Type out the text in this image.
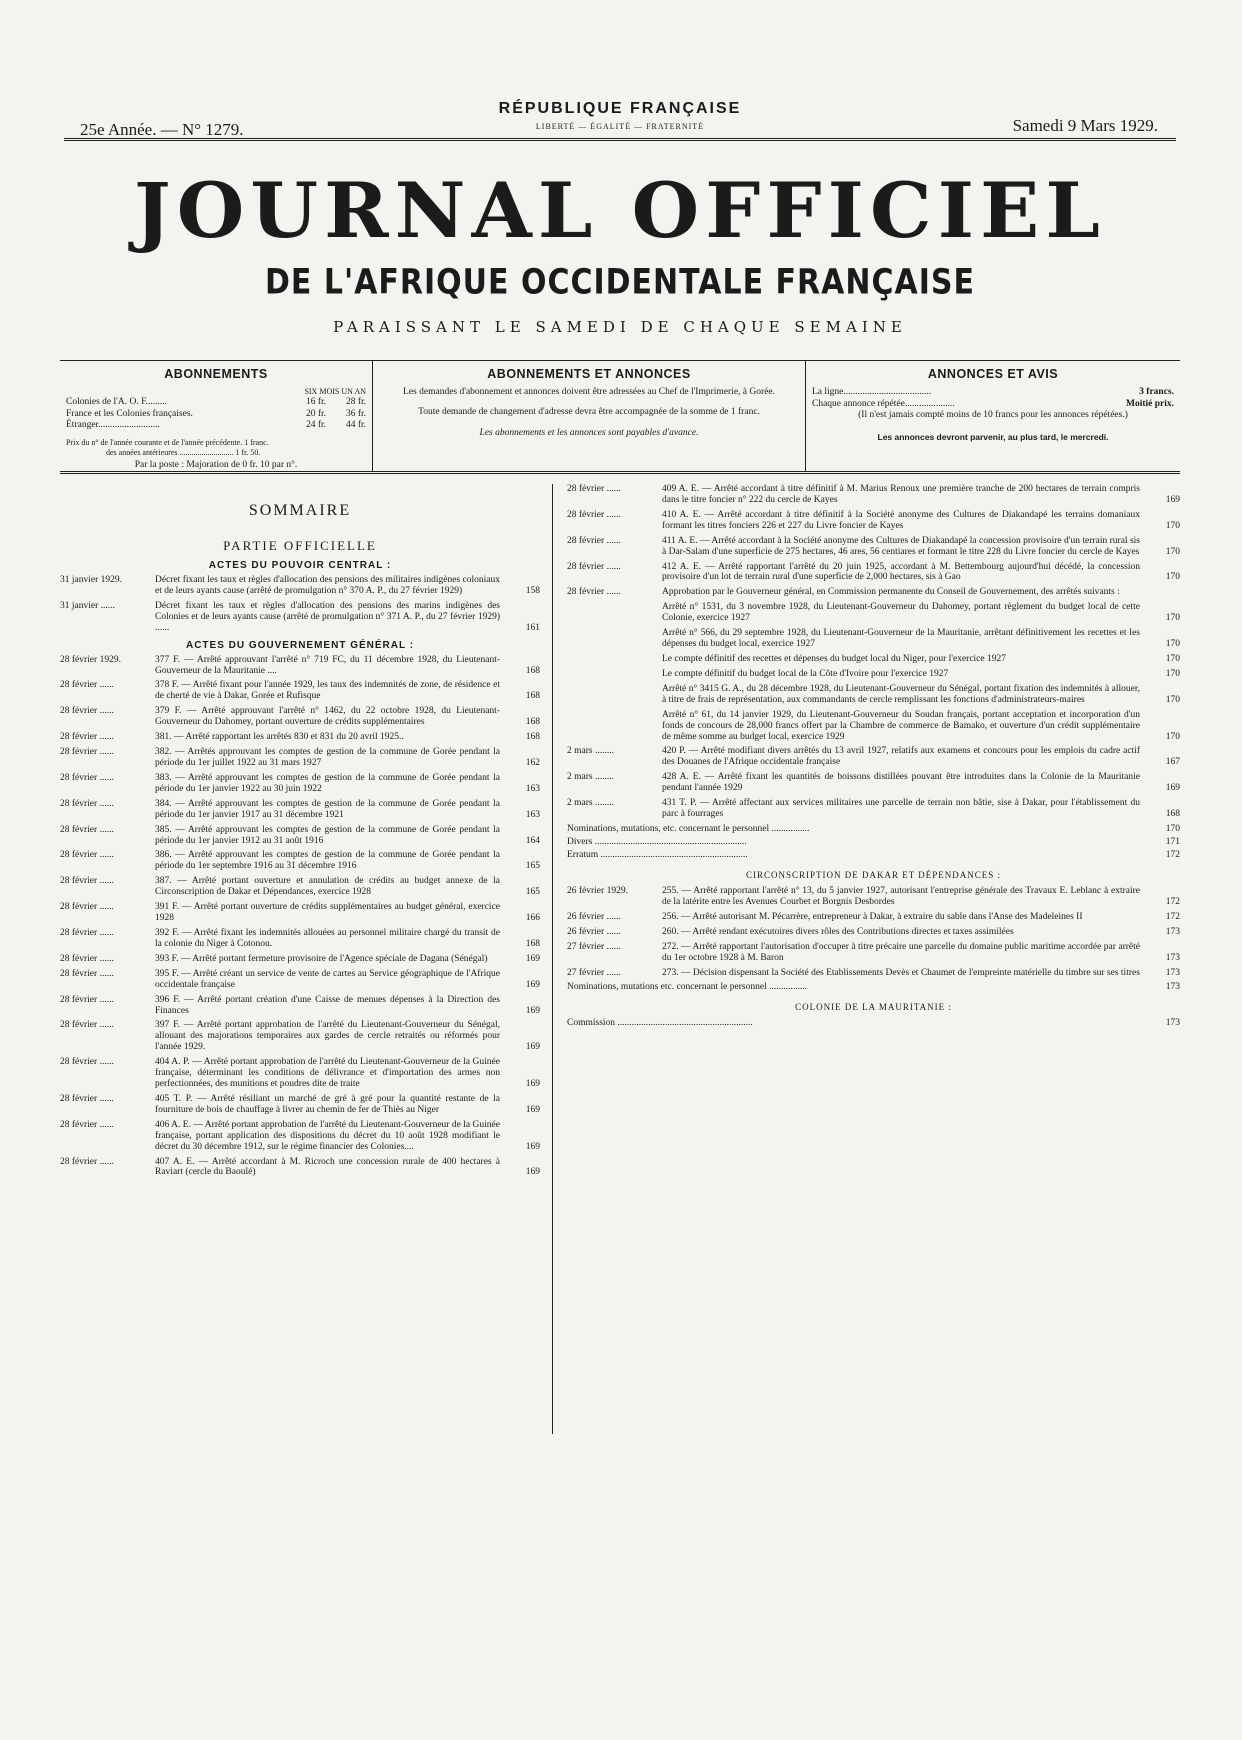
25e Année. — N° 1279.
RÉPUBLIQUE FRANÇAISE
LIBERTÉ — ÉGALITÉ — FRATERNITÉ	Samedi 9 Mars 1929.
JOURNAL OFFICIEL
DE L'AFRIQUE OCCIDENTALE FRANÇAISE
PARAISSANT LE SAMEDI DE CHAQUE SEMAINE
ABONNEMENTS
SIX MOIS UN AN
Colonies de l'A. O. F.........	16 fr.	28 fr.
France et les Colonies françaises.	20 fr.	36 fr.
Étranger..........................	24 fr.	44 fr.
Prix du n° de l'année courante et de l'année précédente. 1 franc.
des années antérieures ........................... 1 fr. 50.
Par la poste : Majoration de 0 fr. 10 par n°.
ABONNEMENTS ET ANNONCES
Les demandes d'abonnement et annonces doivent être adressées au Chef de l'Imprimerie, à Gorée.
Toute demande de changement d'adresse devra être accompagnée de la somme de 1 franc.
Les abonnements et les annonces sont payables d'avance.
ANNONCES ET AVIS
La ligne.....................................	3 francs.
Chaque annonce répétée.....................	Moitié prix.
(Il n'est jamais compté moins de 10 francs pour les annonces répétées.)
Les annonces devront parvenir, au plus tard, le mercredi.
SOMMAIRE
PARTIE OFFICIELLE
ACTES DU POUVOIR CENTRAL :
31 janvier 1929.	Décret fixant les taux et règles d'allocation des pensions des militaires indigènes coloniaux et de leurs ayants cause (arrêté de promulgation n° 370 A. P., du 27 février 1929)	158
31 janvier ......	Décret fixant les taux et règles d'allocation des pensions des marins indigènes des Colonies et de leurs ayants cause (arrêté de promulgation n° 371 A. P., du 27 février 1929) ......	161
ACTES DU GOUVERNEMENT GÉNÉRAL :
28 février 1929.	377 F. — Arrêté approuvant l'arrêté n° 719 FC, du 11 décembre 1928, du Lieutenant-Gouverneur de la Mauritanie ....	168
28 février ......	378 F. — Arrêté fixant pour l'année 1929, les taux des indemnités de zone, de résidence et de cherté de vie à Dakar, Gorée et Rufisque	168
28 février ......	379 F. — Arrêté approuvant l'arrêté n° 1462, du 22 octobre 1928, du Lieutenant-Gouverneur du Dahomey, portant ouverture de crédits supplémentaires	168
28 février ......	381. — Arrêté rapportant les arrêtés 830 et 831 du 20 avril 1925..	168
28 février ......	382. — Arrêtés approuvant les comptes de gestion de la commune de Gorée pendant la période du 1er juillet 1922 au 31 mars 1927	162
28 février ......	383. — Arrêté approuvant les comptes de gestion de la commune de Gorée pendant la période du 1er janvier 1922 au 30 juin 1922	163
28 février ......	384. — Arrêté approuvant les comptes de gestion de la commune de Gorée pendant la période du 1er janvier 1917 au 31 décembre 1921	163
28 février ......	385. — Arrêté approuvant les comptes de gestion de la commune de Gorée pendant la période du 1er janvier 1912 au 31 août 1916	164
28 février ......	386. — Arrêté approuvant les comptes de gestion de la commune de Gorée pendant la période du 1er septembre 1916 au 31 décembre 1916	165
28 février ......	387. — Arrêté portant ouverture et annulation de crédits au budget annexe de la Circonscription de Dakar et Dépendances, exercice 1928	165
28 février ......	391 F. — Arrêté portant ouverture de crédits supplémentaires au budget général, exercice 1928	166
28 février ......	392 F. — Arrêté fixant les indemnités allouées au personnel militaire chargé du transit de la colonie du Niger à Cotonou.	168
28 février ......	393 F. — Arrêté portant fermeture provisoire de l'Agence spéciale de Dagana (Sénégal)	169
28 février ......	395 F. — Arrêté créant un service de vente de cartes au Service géographique de l'Afrique occidentale française	169
28 février ......	396 F. — Arrêté portant création d'une Caisse de menues dépenses à la Direction des Finances	169
28 février ......	397 F. — Arrêté portant approbation de l'arrêté du Lieutenant-Gouverneur du Sénégal, allouant des majorations temporaires aux gardes de cercle retraités ou réformés pour l'année 1929.	169
28 février ......	404 A. P. — Arrêté portant approbation de l'arrêté du Lieutenant-Gouverneur de la Guinée française, déterminant les conditions de délivrance et d'importation des armes non perfectionnées, des munitions et poudres dite de traite	169
28 février ......	405 T. P. — Arrêté résiliant un marché de gré à gré pour la quantité restante de la fourniture de bois de chauffage à livrer au chemin de fer de Thiès au Niger	169
28 février ......	406 A. E. — Arrêté portant approbation de l'arrêté du Lieutenant-Gouverneur de la Guinée française, portant application des dispositions du décret du 10 août 1928 modifiant le décret du 30 décembre 1912, sur le régime financier des Colonies....	169
28 février ......	407 A. E. — Arrêté accordant à M. Ricroch une concession rurale de 400 hectares à Raviart (cercle du Baoulé)	169
28 février ......	409 A. E. — Arrêté accordant à titre définitif à M. Marius Renoux une première tranche de 200 hectares de terrain compris dans le titre foncier n° 222 du cercle de Kayes	169
28 février ......	410 A. E. — Arrêté accordant à titre définitif à la Société anonyme des Cultures de Diakandapé les terrains domaniaux formant les titres fonciers 226 et 227 du Livre foncier de Kayes	170
28 février ......	411 A. E. — Arrêté accordant à la Société anonyme des Cultures de Diakandapé la concession provisoire d'un terrain rural sis à Dar-Salam d'une superficie de 275 hectares, 46 ares, 56 centiares et formant le titre 228 du Livre foncier du cercle de Kayes	170
28 février ......	412 A. E. — Arrêté rapportant l'arrêté du 20 juin 1925, accordant à M. Bettembourg aujourd'hui décédé, la concession provisoire d'un lot de terrain rural d'une superficie de 2,000 hectares, sis à Gao	170
28 février ......	Approbation par le Gouverneur général, en Commission permanente du Conseil de Gouvernement, des arrêtés suivants :
Arrêté n° 1531, du 3 novembre 1928, du Lieutenant-Gouverneur du Dahomey, portant règlement du budget local de cette Colonie, exercice 1927	170
Arrêté n° 566, du 29 septembre 1928, du Lieutenant-Gouverneur de la Mauritanie, arrêtant définitivement les recettes et les dépenses du budget local, exercice 1927	170
Le compte définitif des recettes et dépenses du budget local du Niger, pour l'exercice 1927	170
Le compte définitif du budget local de la Côte d'Ivoire pour l'exercice 1927	170
Arrêté n° 3415 G. A., du 28 décembre 1928, du Lieutenant-Gouverneur du Sénégal, portant fixation des indemnités à allouer, à titre de frais de représentation, aux commandants de cercle remplissant les fonctions d'administrateurs-maires	170
Arrêté n° 61, du 14 janvier 1929, du Lieutenant-Gouverneur du Soudan français, portant acceptation et incorporation d'un fonds de concours de 28,000 francs offert par la Chambre de commerce de Bamako, et ouverture d'un crédit supplémentaire de même somme au budget local, exercice 1929	170
2 mars ........	420 P. — Arrêté modifiant divers arrêtés du 13 avril 1927, relatifs aux examens et concours pour les emplois du cadre actif des Douanes de l'Afrique occidentale française	167
2 mars ........	428 A. E. — Arrêté fixant les quantités de boissons distillées pouvant être introduites dans la Colonie de la Mauritanie pendant l'année 1929	169
2 mars ........	431 T. P. — Arrêté affectant aux services militaires une parcelle de terrain non bâtie, sise à Dakar, pour l'établissement du parc à fourrages	168
Nominations, mutations, etc. concernant le personnel ................	170
Divers ................................................................	171
Erratum ..............................................................	172
CIRCONSCRIPTION DE DAKAR ET DÉPENDANCES :
26 février 1929.	255. — Arrêté rapportant l'arrêté n° 13, du 5 janvier 1927, autorisant l'entreprise générale des Travaux E. Leblanc à extraire de la latérite entre les Avenues Courbet et Borgnis Desbordes	172
26 février ......	256. — Arrêté autorisant M. Pécarrère, entrepreneur à Dakar, à extraire du sable dans l'Anse des Madeleines II	172
26 février ......	260. — Arrêté rendant exécutoires divers rôles des Contributions directes et taxes assimilées	173
27 février ......	272. — Arrêté rapportant l'autorisation d'occuper à titre précaire une parcelle du domaine public maritime accordée par arrêté du 1er octobre 1928 à M. Baron	173
27 février ......	273. — Décision dispensant la Société des Etablissements Devès et Chaumet de l'empreinte matérielle du timbre sur ses titres	173
Nominations, mutations etc. concernant le personnel ................	173
COLONIE DE LA MAURITANIE :
Commission .........................................................	173
